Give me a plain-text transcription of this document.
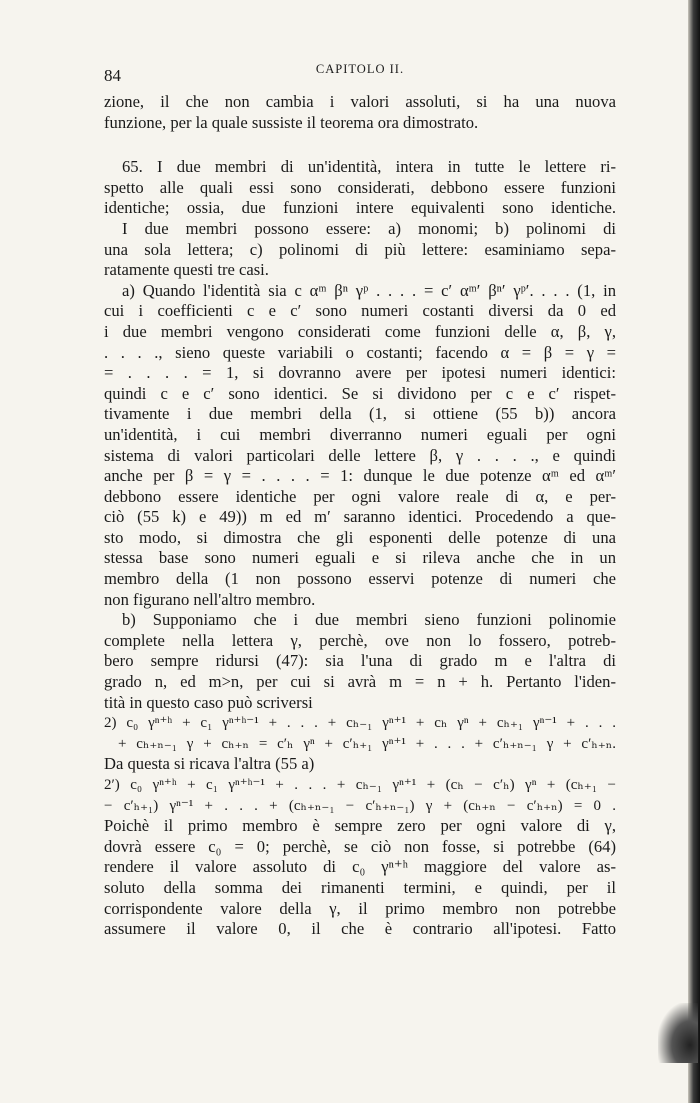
84	CAPITOLO II.
zione, il che non cambia i valori assoluti, si ha una nuova
funzione, per la quale sussiste il teorema ora dimostrato.
65. I due membri di un'identità, intera in tutte le lettere ri-
spetto alle quali essi sono considerati, debbono essere funzioni
identiche; ossia, due funzioni intere equivalenti sono identiche.
I due membri possono essere: a) monomi; b) polinomi di
una sola lettera; c) polinomi di più lettere: esaminiamo sepa-
ratamente questi tre casi.
a) Quando l'identità sia c αᵐ βⁿ γᵖ . . . . = c′ αᵐ′ βⁿ′ γᵖ′. . . . (1, in
cui i coefficienti c e c′ sono numeri costanti diversi da 0 ed
i due membri vengono considerati come funzioni delle α, β, γ,
. . . ., sieno queste variabili o costanti; facendo α = β = γ =
= . . . . = 1, si dovranno avere per ipotesi numeri identici:
quindi c e c′ sono identici. Se si dividono per c e c′ rispet-
tivamente i due membri della (1, si ottiene (55 b)) ancora
un'identità, i cui membri diverranno numeri eguali per ogni
sistema di valori particolari delle lettere β, γ . . . ., e quindi
anche per β = γ = . . . . = 1: dunque le due potenze αᵐ ed αᵐ′
debbono essere identiche per ogni valore reale di α, e per-
ciò (55 k) e 49)) m ed m′ saranno identici. Procedendo a que-
sto modo, si dimostra che gli esponenti delle potenze di una
stessa base sono numeri eguali e si rileva anche che in un
membro della (1 non possono esservi potenze di numeri che
non figurano nell'altro membro.
b) Supponiamo che i due membri sieno funzioni polinomie
complete nella lettera γ, perchè, ove non lo fossero, potreb-
bero sempre ridursi (47): sia l'una di grado m e l'altra di
grado n, ed m>n, per cui si avrà m = n + h. Pertanto l'iden-
tità in questo caso può scriversi
2) c₀ γⁿ⁺ʰ + c₁ γⁿ⁺ʰ⁻¹ + . . . + cₕ₋₁ γⁿ⁺¹ + cₕ γⁿ + cₕ₊₁ γⁿ⁻¹ + . . .
+ cₕ₊ₙ₋₁ γ + cₕ₊ₙ = c′ₕ γⁿ + c′ₕ₊₁ γⁿ⁺¹ + . . . + c′ₕ₊ₙ₋₁ γ + c′ₕ₊ₙ.
Da questa si ricava l'altra (55 a)
2′) c₀ γⁿ⁺ʰ + c₁ γⁿ⁺ʰ⁻¹ + . . . + cₕ₋₁ γⁿ⁺¹ + (cₕ − c′ₕ) γⁿ + (cₕ₊₁ −
− c′ₕ₊₁) γⁿ⁻¹ + . . . + (cₕ₊ₙ₋₁ − c′ₕ₊ₙ₋₁) γ + (cₕ₊ₙ − c′ₕ₊ₙ) = 0 .
Poichè il primo membro è sempre zero per ogni valore di γ,
dovrà essere c₀ = 0; perchè, se ciò non fosse, si potrebbe (64)
rendere il valore assoluto di c₀ γⁿ⁺ʰ maggiore del valore as-
soluto della somma dei rimanenti termini, e quindi, per il
corrispondente valore della γ, il primo membro non potrebbe
assumere il valore 0, il che è contrario all'ipotesi. Fatto
